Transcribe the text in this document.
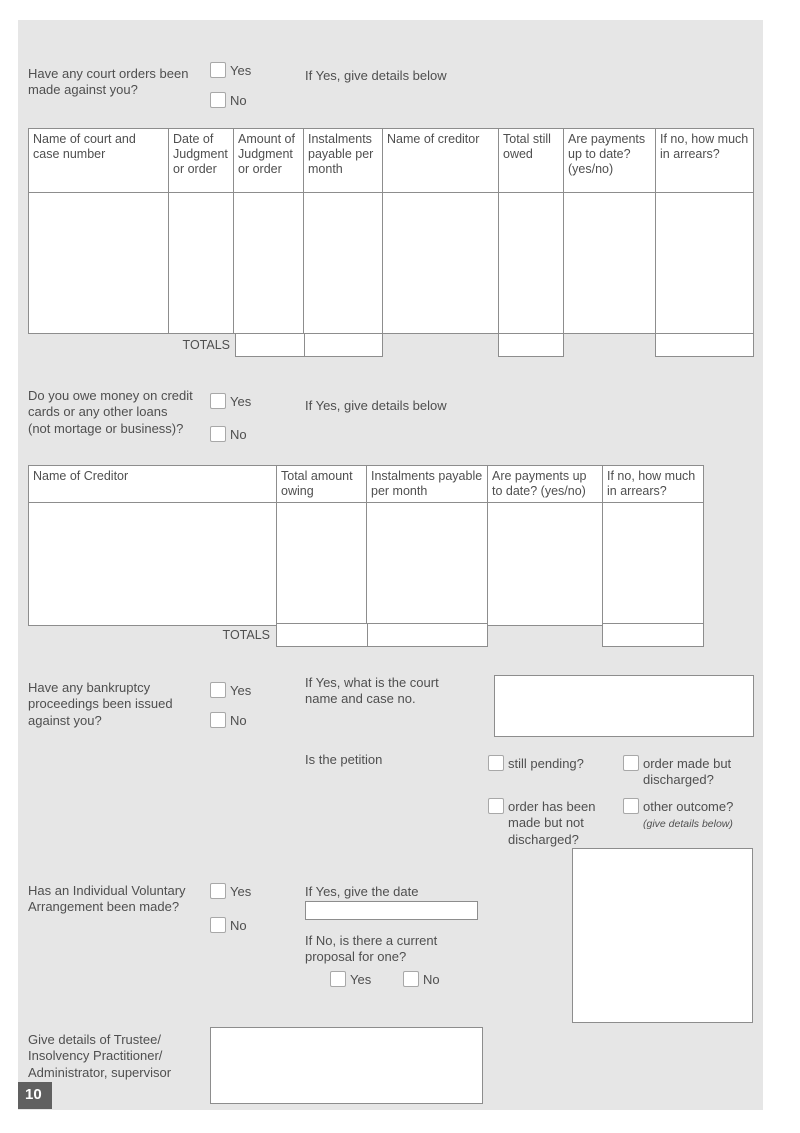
Have any court orders been made against you?
Yes
No
If Yes, give details below
Name of court and case number	Date of Judgment or order	Amount of Judgment or order	Instalments payable per month	Name of creditor	Total still owed	Are payments up to date? (yes/no)	If no, how much in arrears?

TOTALS
Do you owe money on credit cards or any other loans (not mortage or business)?
Yes
No
If Yes, give details below
Name of Creditor	Total amount owing	Instalments payable per month	Are payments up to date? (yes/no)	If no, how much in arrears?

TOTALS
Have any bankruptcy proceedings been issued against you?
Yes
No
If Yes, what is the court name and case no.
Is the petition	still pending?	order made but discharged?
order has been made but not discharged?
other outcome?
(give details below)
Has an Individual Voluntary Arrangement been made?
Yes
No
If Yes, give the date
If No, is there a current proposal for one?
Yes	No
Give details of Trustee/ Insolvency Practitioner/ Administrator, supervisor
10
